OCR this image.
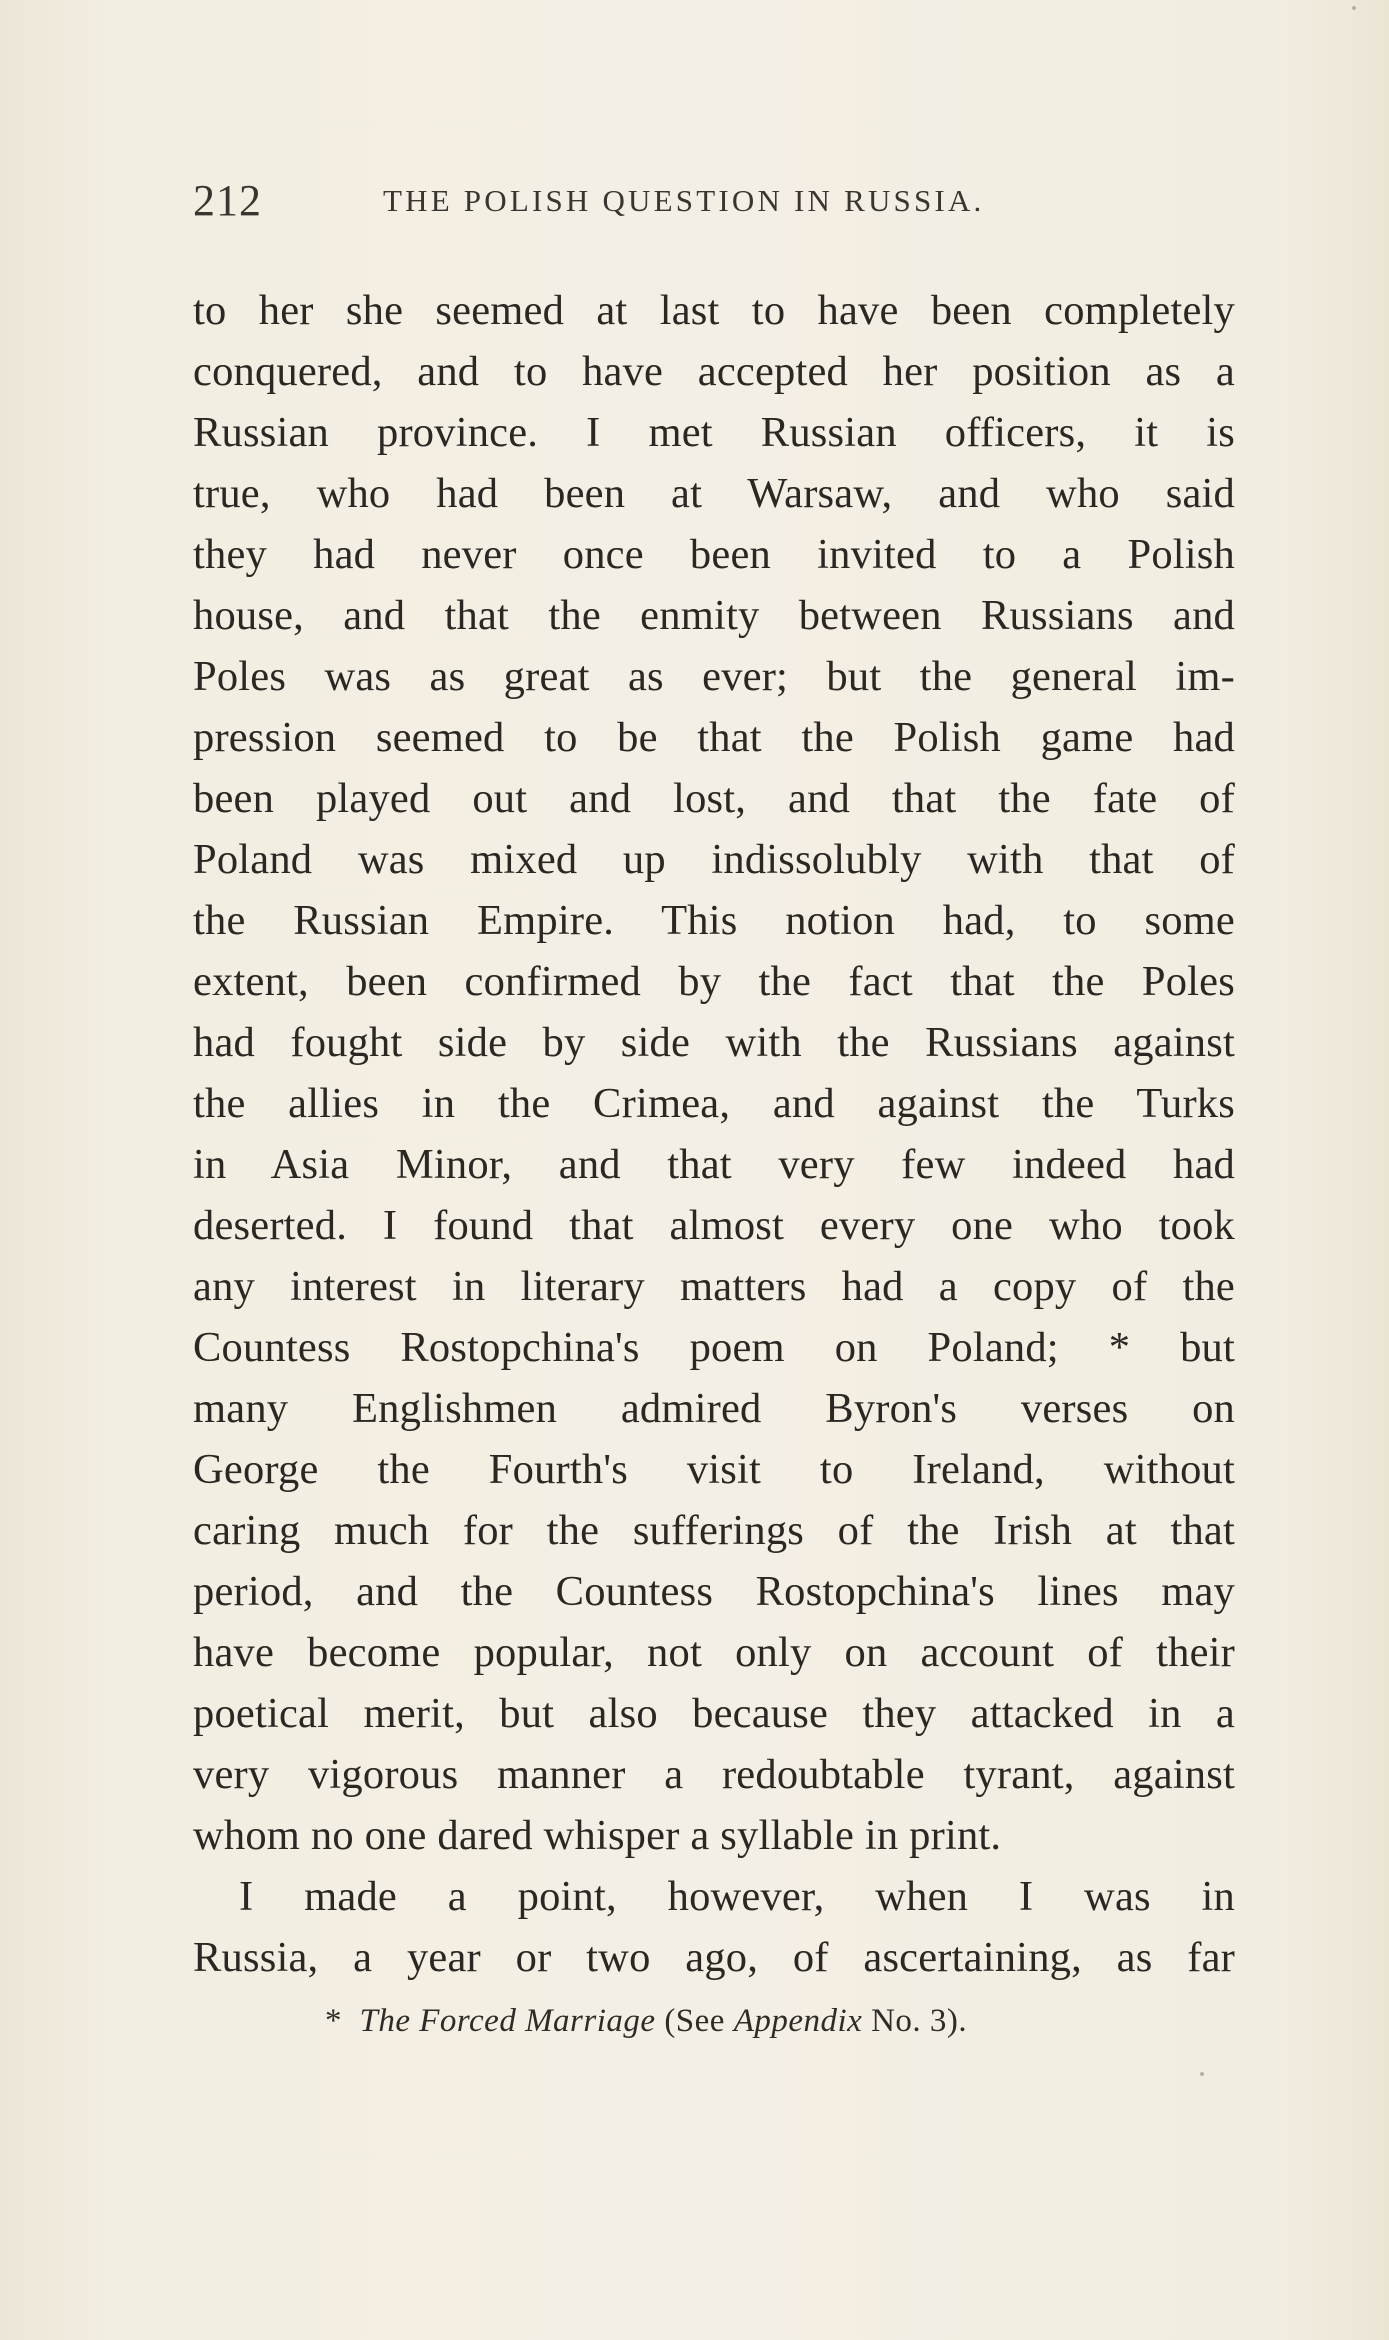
212	THE POLISH QUESTION IN RUSSIA.
to her she seemed at last to have been completely
conquered, and to have accepted her position as a
Russian province. I met Russian officers, it is
true, who had been at Warsaw, and who said
they had never once been invited to a Polish
house, and that the enmity between Russians and
Poles was as great as ever; but the general im-
pression seemed to be that the Polish game had
been played out and lost, and that the fate of
Poland was mixed up indissolubly with that of
the Russian Empire. This notion had, to some
extent, been confirmed by the fact that the Poles
had fought side by side with the Russians against
the allies in the Crimea, and against the Turks
in Asia Minor, and that very few indeed had
deserted. I found that almost every one who took
any interest in literary matters had a copy of the
Countess Rostopchina's poem on Poland; * but
many Englishmen admired Byron's verses on
George the Fourth's visit to Ireland, without
caring much for the sufferings of the Irish at that
period, and the Countess Rostopchina's lines may
have become popular, not only on account of their
poetical merit, but also because they attacked in a
very vigorous manner a redoubtable tyrant, against
whom no one dared whisper a syllable in print.
I made a point, however, when I was in
Russia, a year or two ago, of ascertaining, as far
* The Forced Marriage (See Appendix No. 3).
